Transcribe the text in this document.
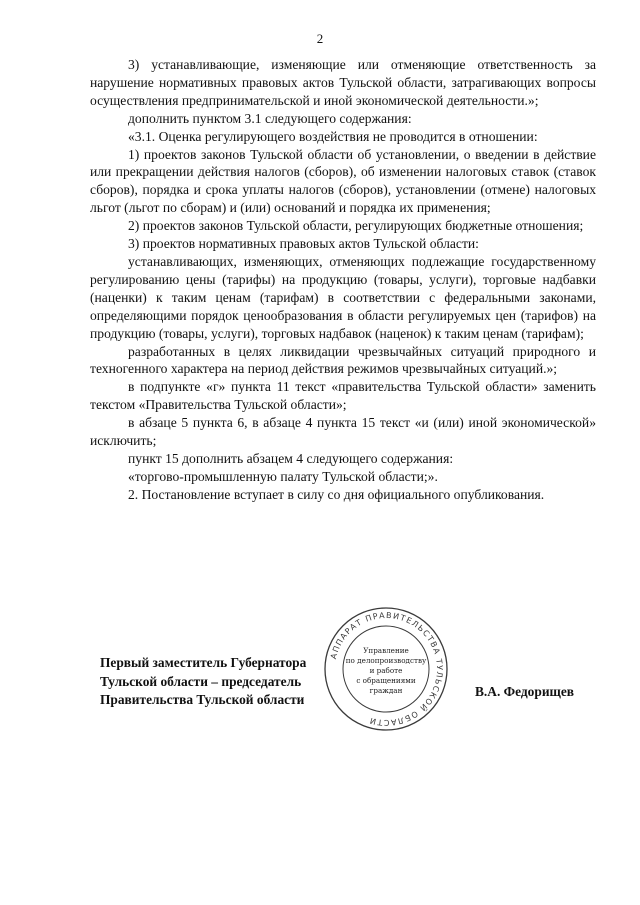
2

3) устанавливающие, изменяющие или отменяющие ответственность за нарушение нормативных правовых актов Тульской области, затрагивающих вопросы осуществления предпринимательской и иной экономической деятельности.»;

дополнить пунктом 3.1 следующего содержания:

«3.1. Оценка регулирующего воздействия не проводится в отношении:

1) проектов законов Тульской области об установлении, о введении в действие или прекращении действия налогов (сборов), об изменении налоговых ставок (ставок сборов), порядка и срока уплаты налогов (сборов), установлении (отмене) налоговых льгот (льгот по сборам) и (или) оснований и порядка их применения;

2) проектов законов Тульской области, регулирующих бюджетные отношения;

3) проектов нормативных правовых актов Тульской области:

устанавливающих, изменяющих, отменяющих подлежащие государственному регулированию цены (тарифы) на продукцию (товары, услуги), торговые надбавки (наценки) к таким ценам (тарифам) в соответствии с федеральными законами, определяющими порядок ценообразования в области регулируемых цен (тарифов) на продукцию (товары, услуги), торговых надбавок (наценок) к таким ценам (тарифам);

разработанных в целях ликвидации чрезвычайных ситуаций природного и техногенного характера на период действия режимов чрезвычайных ситуаций.»;

в подпункте «г» пункта 11 текст «правительства Тульской области» заменить текстом «Правительства Тульской области»;

в абзаце 5 пункта 6, в абзаце 4 пункта 15 текст «и (или) иной экономической» исключить;

пункт 15 дополнить абзацем 4 следующего содержания:

«торгово-промышленную палату Тульской области;».

2. Постановление вступает в силу со дня официального опубликования.

Первый заместитель Губернатора
Тульской области – председатель
Правительства Тульской области
АППАРАТ ПРАВИТЕЛЬСТВА ТУЛЬСКОЙ ОБЛАСТИ
Управление
по делопроизводству
и работе
с обращениями
граждан	В.А. Федорищев
